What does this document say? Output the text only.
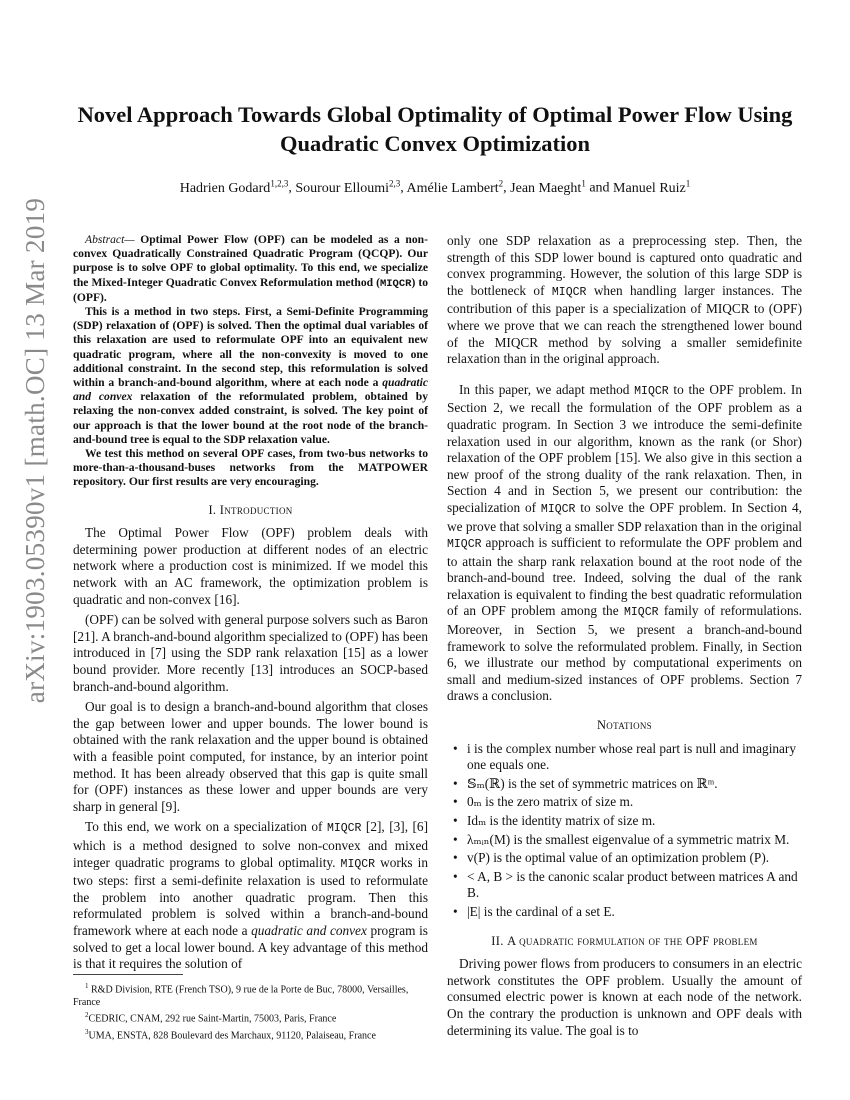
arXiv:1903.05390v1 [math.OC] 13 Mar 2019
Novel Approach Towards Global Optimality of Optimal Power Flow Using Quadratic Convex Optimization

Hadrien Godard$^{1,2,3}$, Sourour Elloumi$^{2,3}$, Amélie Lambert$^2$, Jean Maeght$^1$ and Manuel Ruiz$^1$

Abstract— Optimal Power Flow (OPF) can be modeled as a non-convex Quadratically Constrained Quadratic Program (QCQP). Our purpose is to solve OPF to global optimality. To this end, we specialize the Mixed-Integer Quadratic Convex Reformulation method (MIQCR) to (OPF).

This is a method in two steps. First, a Semi-Definite Programming (SDP) relaxation of (OPF) is solved. Then the optimal dual variables of this relaxation are used to reformulate OPF into an equivalent new quadratic program, where all the non-convexity is moved to one additional constraint. In the second step, this reformulation is solved within a branch-and-bound algorithm, where at each node a quadratic and convex relaxation of the reformulated problem, obtained by relaxing the non-convex added constraint, is solved. The key point of our approach is that the lower bound at the root node of the branch-and-bound tree is equal to the SDP relaxation value.

We test this method on several OPF cases, from two-bus networks to more-than-a-thousand-buses networks from the MATPOWER repository. Our first results are very encouraging.

I. Introduction

The Optimal Power Flow (OPF) problem deals with determining power production at different nodes of an electric network where a production cost is minimized. If we model this network with an AC framework, the optimization problem is quadratic and non-convex [16].

(OPF) can be solved with general purpose solvers such as Baron [21]. A branch-and-bound algorithm specialized to (OPF) has been introduced in [7] using the SDP rank relaxation [15] as a lower bound provider. More recently [13] introduces an SOCP-based branch-and-bound algorithm.

Our goal is to design a branch-and-bound algorithm that closes the gap between lower and upper bounds. The lower bound is obtained with the rank relaxation and the upper bound is obtained with a feasible point computed, for instance, by an interior point method. It has been already observed that this gap is quite small for (OPF) instances as these lower and upper bounds are very sharp in general [9].

To this end, we work on a specialization of MIQCR [2], [3], [6] which is a method designed to solve non-convex and mixed integer quadratic programs to global optimality. MIQCR works in two steps: first a semi-definite relaxation is used to reformulate the problem into another quadratic program. Then this reformulated problem is solved within a branch-and-bound framework where at each node a quadratic and convex program is solved to get a local lower bound. A key advantage of this method is that it requires the solution of

$^1$ R&D Division, RTE (French TSO), 9 rue de la Porte de Buc, 78000, Versailles, France

$^2$CEDRIC, CNAM, 292 rue Saint-Martin, 75003, Paris, France

$^3$UMA, ENSTA, 828 Boulevard des Marchaux, 91120, Palaiseau, France

only one SDP relaxation as a preprocessing step. Then, the strength of this SDP lower bound is captured onto quadratic and convex programming. However, the solution of this large SDP is the bottleneck of MIQCR when handling larger instances. The contribution of this paper is a specialization of MIQCR to (OPF) where we prove that we can reach the strengthened lower bound of the MIQCR method by solving a smaller semidefinite relaxation than in the original approach.

In this paper, we adapt method MIQCR to the OPF problem. In Section 2, we recall the formulation of the OPF problem as a quadratic program. In Section 3 we introduce the semi-definite relaxation used in our algorithm, known as the rank (or Shor) relaxation of the OPF problem [15]. We also give in this section a new proof of the strong duality of the rank relaxation. Then, in Section 4 and in Section 5, we present our contribution: the specialization of MIQCR to solve the OPF problem. In Section 4, we prove that solving a smaller SDP relaxation than in the original MIQCR approach is sufficient to reformulate the OPF problem and to attain the sharp rank relaxation bound at the root node of the branch-and-bound tree. Indeed, solving the dual of the rank relaxation is equivalent to finding the best quadratic reformulation of an OPF problem among the MIQCR family of reformulations. Moreover, in Section 5, we present a branch-and-bound framework to solve the reformulated problem. Finally, in Section 6, we illustrate our method by computational experiments on small and medium-sized instances of OPF problems. Section 7 draws a conclusion.

Notations
• i is the complex number whose real part is null and imaginary one equals one.
• 𝕊ₘ(ℝ) is the set of symmetric matrices on ℝᵐ.
• 0ₘ is the zero matrix of size m.
• Idₘ is the identity matrix of size m.
• λₘᵢₙ(M) is the smallest eigenvalue of a symmetric matrix M.
• v(P) is the optimal value of an optimization problem (P).
• < A, B > is the canonic scalar product between matrices A and B.
• |E| is the cardinal of a set E.
II. A quadratic formulation of the OPF problem

Driving power flows from producers to consumers in an electric network constitutes the OPF problem. Usually the amount of consumed electric power is known at each node of the network. On the contrary the production is unknown and OPF deals with determining its value. The goal is to
